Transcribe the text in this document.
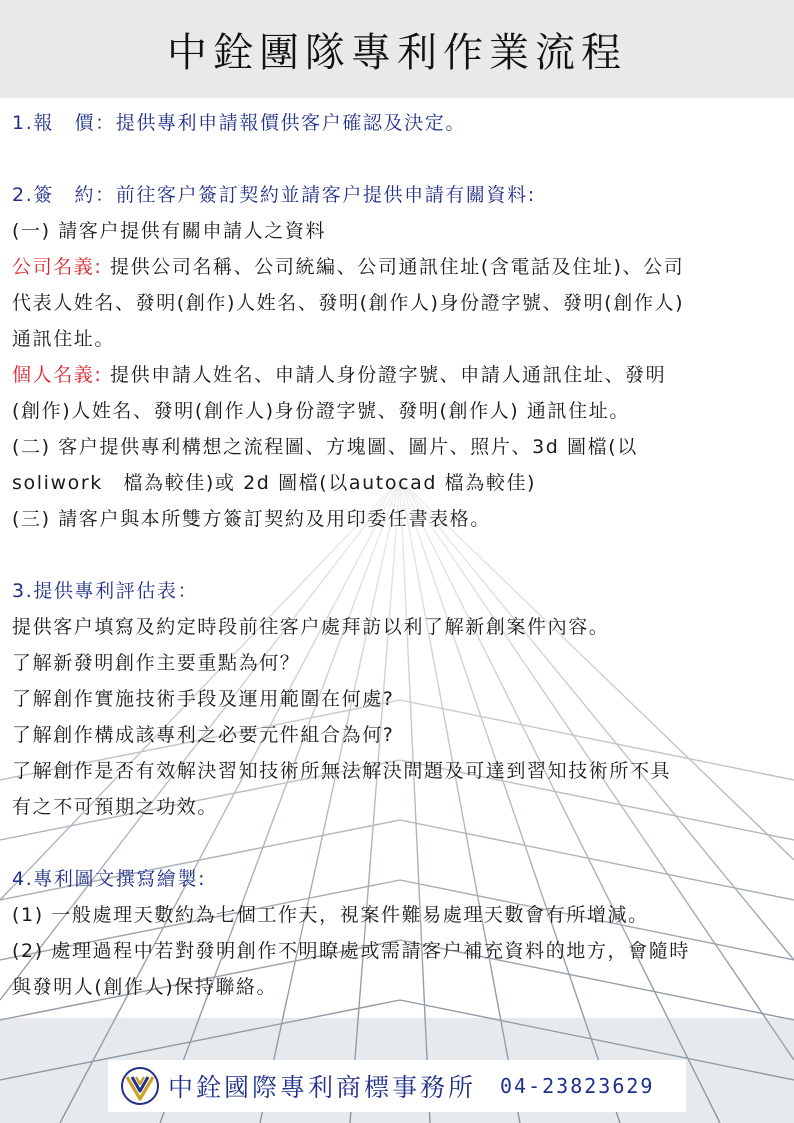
中銓團隊專利作業流程
1.報　價：提供專利申請報價供客户確認及決定。
2.簽　約：前往客户簽訂契約並請客户提供申請有關資料:
(一) 請客户提供有關申請人之資料
公司名義: 提供公司名稱、公司統編、公司通訊住址(含電話及住址)、公司
代表人姓名、發明(創作)人姓名、發明(創作人)身份證字號、發明(創作人)
通訊住址。
個人名義: 提供申請人姓名、申請人身份證字號、申請人通訊住址、發明
(創作)人姓名、發明(創作人)身份證字號、發明(創作人) 通訊住址。
(二) 客户提供專利構想之流程圖、方塊圖、圖片、照片、3d 圖檔(以
soliwork　檔為較佳)或 2d 圖檔(以autocad 檔為較佳)
(三) 請客户與本所雙方簽訂契約及用印委任書表格。
3.提供專利評估表：
提供客户填寫及約定時段前往客户處拜訪以利了解新創案件內容。
了解新發明創作主要重點為何？
了解創作實施技術手段及運用範圍在何處?
了解創作構成該專利之必要元件組合為何?
了解創作是否有效解決習知技術所無法解決問題及可達到習知技術所不具
有之不可預期之功效。
4.專利圖文撰寫繪製:
(1) 一般處理天數約為七個工作天，視案件難易處理天數會有所增減。
(2) 處理過程中若對發明創作不明瞭處或需請客户補充資料的地方，會隨時
與發明人(創作人)保持聯絡。
中銓國際專利商標事務所 04-23823629
